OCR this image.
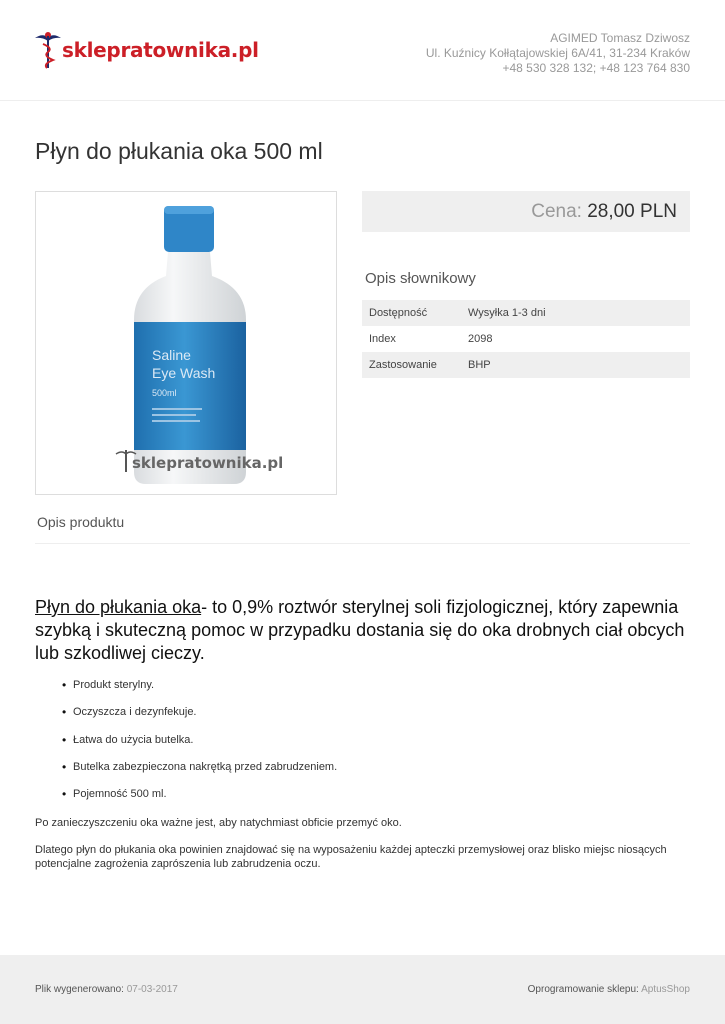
sklepratownika.pl	AGIMED Tomasz Dziwosz
Ul. Kuźnicy Kołłątajowskiej 6A/41, 31-234 Kraków
+48 530 328 132; +48 123 764 830
Płyn do płukania oka 500 ml
Saline
Eye Wash
500ml
sklepratownika.pl
Cena: 28,00 PLN
Opis słownikowy
Dostępność	Wysyłka 1-3 dni
Index	2098
Zastosowanie	BHP
Opis produktu

Płyn do płukania oka- to 0,9% roztwór sterylnej soli fizjologicznej, który zapewnia szybką i skuteczną pomoc w przypadku dostania się do oka drobnych ciał obcych lub szkodliwej cieczy.

• Produkt sterylny.
• Oczyszcza i dezynfekuje.
• Łatwa do użycia butelka.
• Butelka zabezpieczona nakrętką przed zabrudzeniem.
• Pojemność 500 ml.

Po zanieczyszczeniu oka ważne jest, aby natychmiast obficie przemyć oko.

Dlatego płyn do płukania oka powinien znajdować się na wyposażeniu każdej apteczki przemysłowej oraz blisko miejsc niosących potencjalne zagrożenia zaprószenia lub zabrudzenia oczu.

Plik wygenerowano: 07-03-2017	Oprogramowanie sklepu: AptusShop
